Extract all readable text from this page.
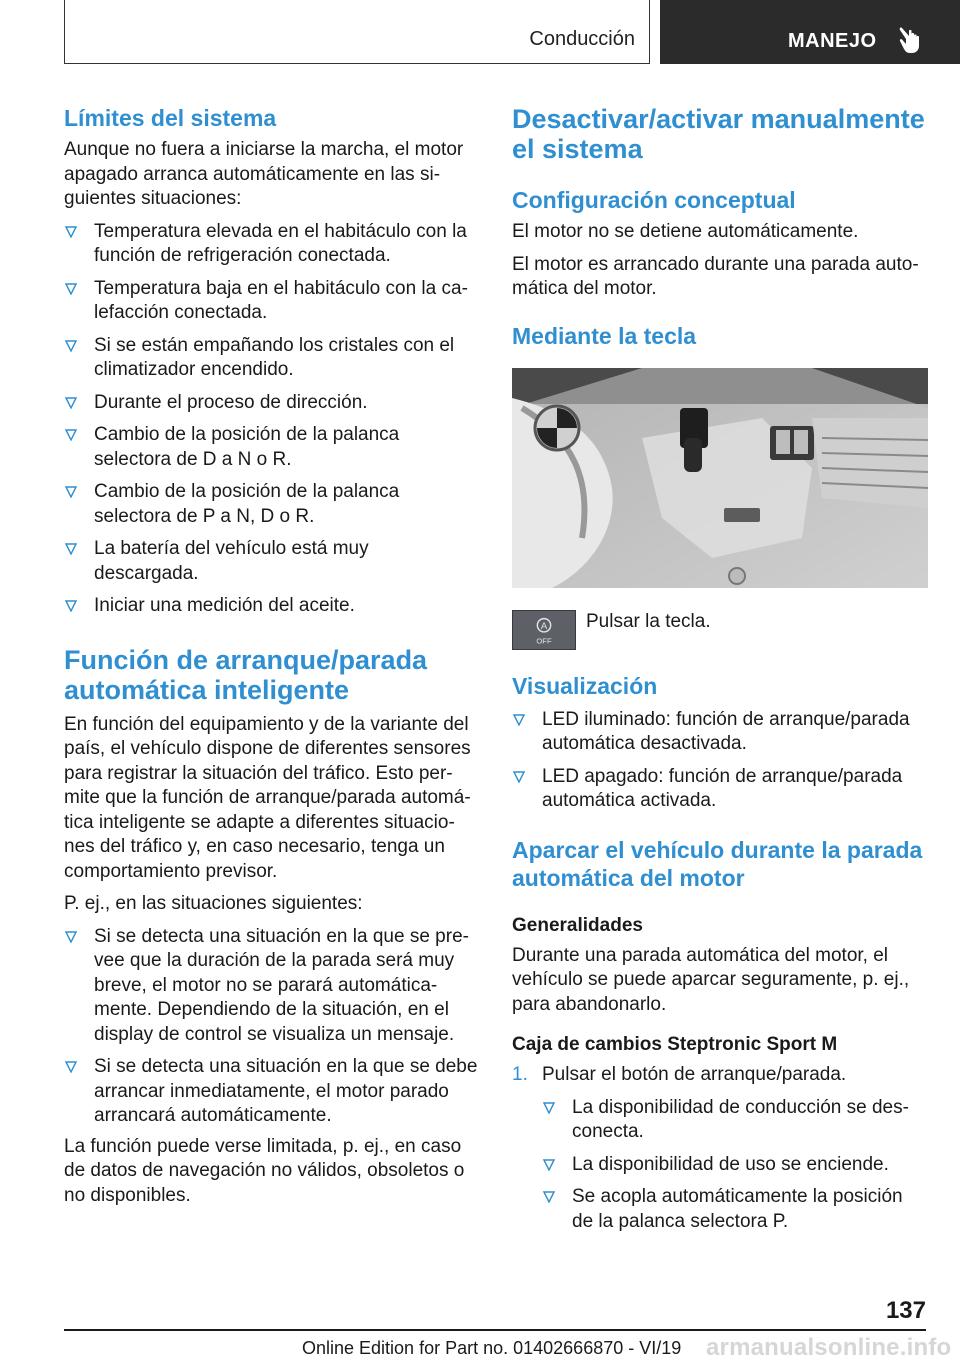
Conducción	MANEJO
Límites del sistema

Aunque no fuera a iniciarse la marcha, el motor apagado arranca automáticamente en las siguientes situaciones:

Temperatura elevada en el habitáculo con la función de refrigeración conectada.
Temperatura baja en el habitáculo con la calefacción conectada.
Si se están empañando los cristales con el climatizador encendido.
Durante el proceso de dirección.
Cambio de la posición de la palanca selectora de D a N o R.
Cambio de la posición de la palanca selectora de P a N, D o R.
La batería del vehículo está muy descargada.
Iniciar una medición del aceite.
Función de arranque/parada automática inteligente

En función del equipamiento y de la variante del país, el vehículo dispone de diferentes sensores para registrar la situación del tráfico. Esto permite que la función de arranque/parada automática inteligente se adapte a diferentes situaciones del tráfico y, en caso necesario, tenga un comportamiento previsor.

P. ej., en las situaciones siguientes:

Si se detecta una situación en la que se prevee que la duración de la parada será muy breve, el motor no se parará automáticamente. Dependiendo de la situación, en el display de control se visualiza un mensaje.
Si se detecta una situación en la que se debe arrancar inmediatamente, el motor parado arrancará automáticamente.

La función puede verse limitada, p. ej., en caso de datos de navegación no válidos, obsoletos o no disponibles.

Desactivar/activar manualmente el sistema
Configuración conceptual

El motor no se detiene automáticamente.

El motor es arrancado durante una parada automática del motor.

Mediante la tecla
A
OFF
Pulsar la tecla.
Visualización
LED iluminado: función de arranque/parada automática desactivada.
LED apagado: función de arranque/parada automática activada.
Aparcar el vehículo durante la parada automática del motor
Generalidades

Durante una parada automática del motor, el vehículo se puede aparcar seguramente, p. ej., para abandonarlo.

Caja de cambios Steptronic Sport M
1. Pulsar el botón de arranque/parada.
La disponibilidad de conducción se desconecta.
La disponibilidad de uso se enciende.
Se acopla automáticamente la posición de la palanca selectora P.
137
Online Edition for Part no. 01402666870 - VI/19 armanualsonline.info
